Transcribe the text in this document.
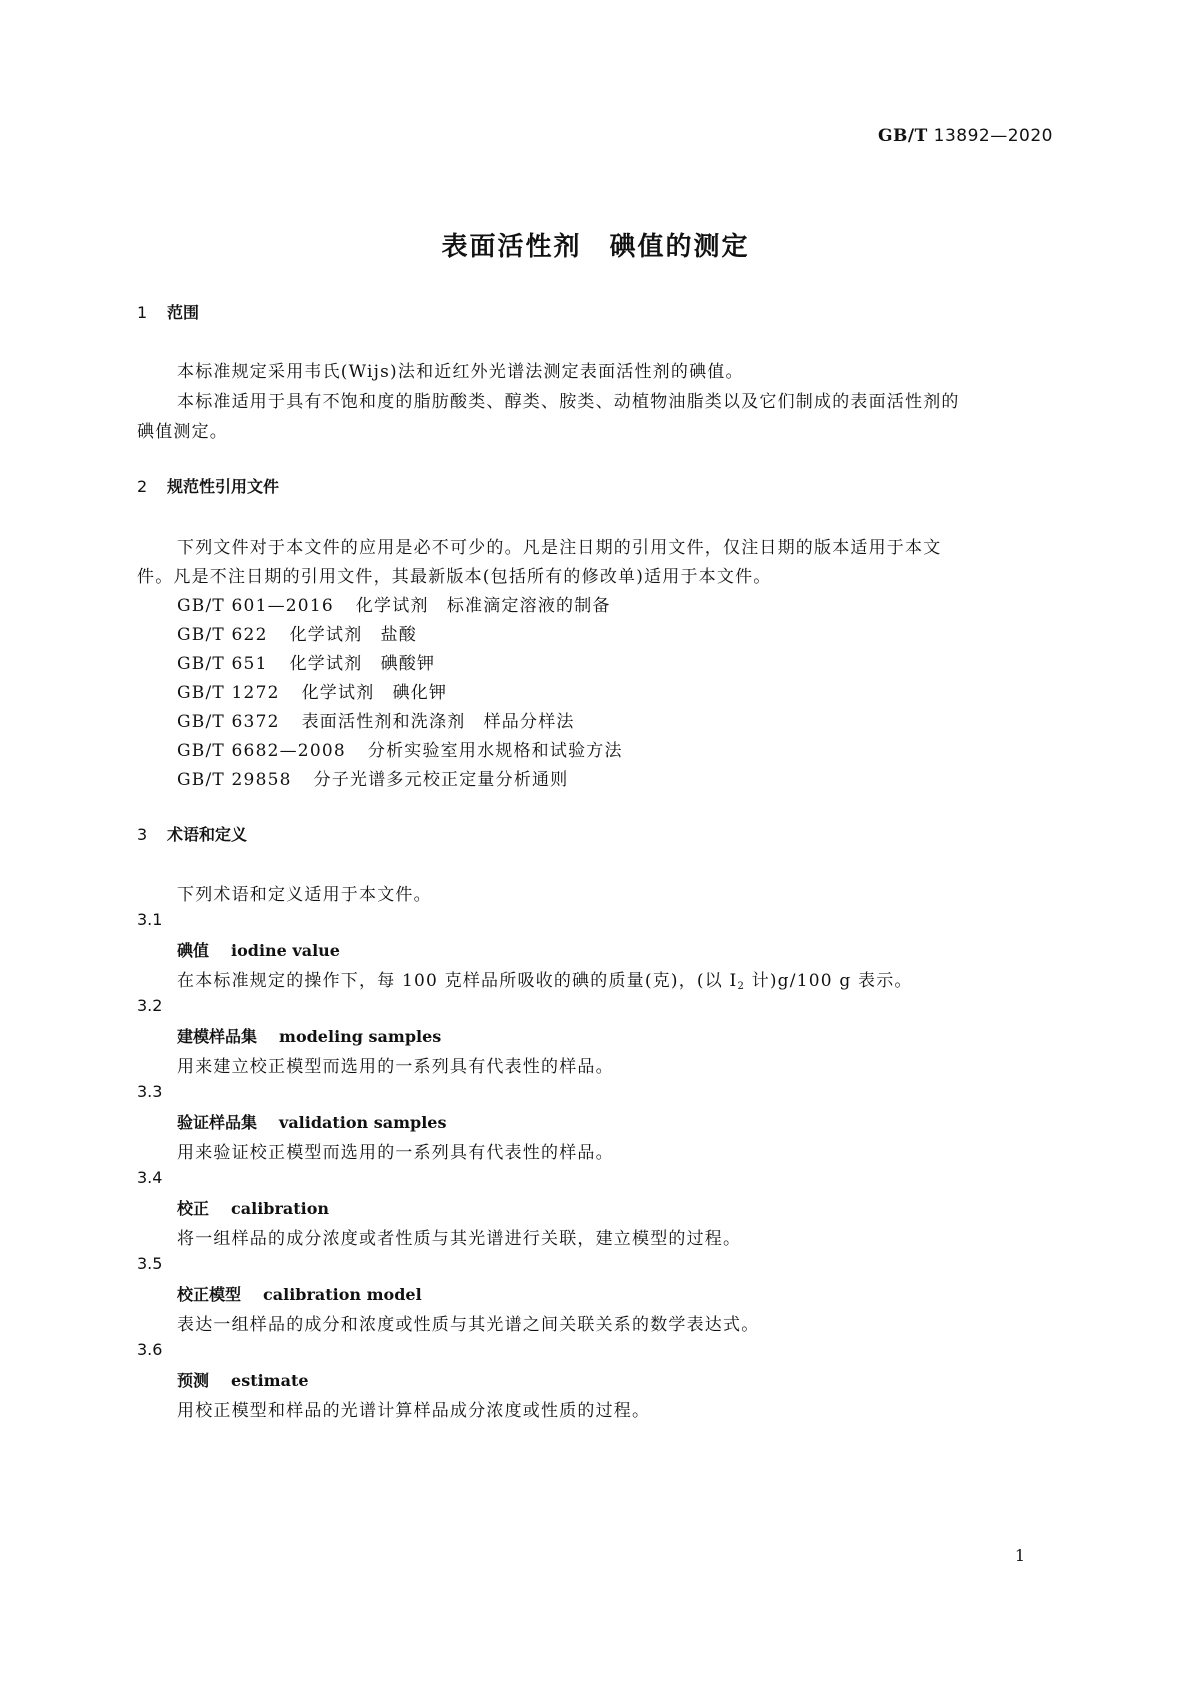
GB/T 13892—2020
表面活性剂　碘值的测定
1 范围
本标准规定采用韦氏(Wijs)法和近红外光谱法测定表面活性剂的碘值。
本标准适用于具有不饱和度的脂肪酸类、醇类、胺类、动植物油脂类以及它们制成的表面活性剂的
碘值测定。
2 规范性引用文件
下列文件对于本文件的应用是必不可少的。凡是注日期的引用文件，仅注日期的版本适用于本文
件。凡是不注日期的引用文件，其最新版本(包括所有的修改单)适用于本文件。
GB/T 601—2016 化学试剂　标准滴定溶液的制备
GB/T 622 化学试剂　盐酸
GB/T 651 化学试剂　碘酸钾
GB/T 1272 化学试剂　碘化钾
GB/T 6372 表面活性剂和洗涤剂　样品分样法
GB/T 6682—2008 分析实验室用水规格和试验方法
GB/T 29858 分子光谱多元校正定量分析通则
3 术语和定义
下列术语和定义适用于本文件。
3.1
碘值 iodine value
在本标准规定的操作下，每 100 克样品所吸收的碘的质量(克)，(以 $I_2$ 计)g/100 g 表示。
3.2
建模样品集 modeling samples
用来建立校正模型而选用的一系列具有代表性的样品。
3.3
验证样品集 validation samples
用来验证校正模型而选用的一系列具有代表性的样品。
3.4
校正 calibration
将一组样品的成分浓度或者性质与其光谱进行关联，建立模型的过程。
3.5
校正模型 calibration model
表达一组样品的成分和浓度或性质与其光谱之间关联关系的数学表达式。
3.6
预测 estimate
用校正模型和样品的光谱计算样品成分浓度或性质的过程。
1
